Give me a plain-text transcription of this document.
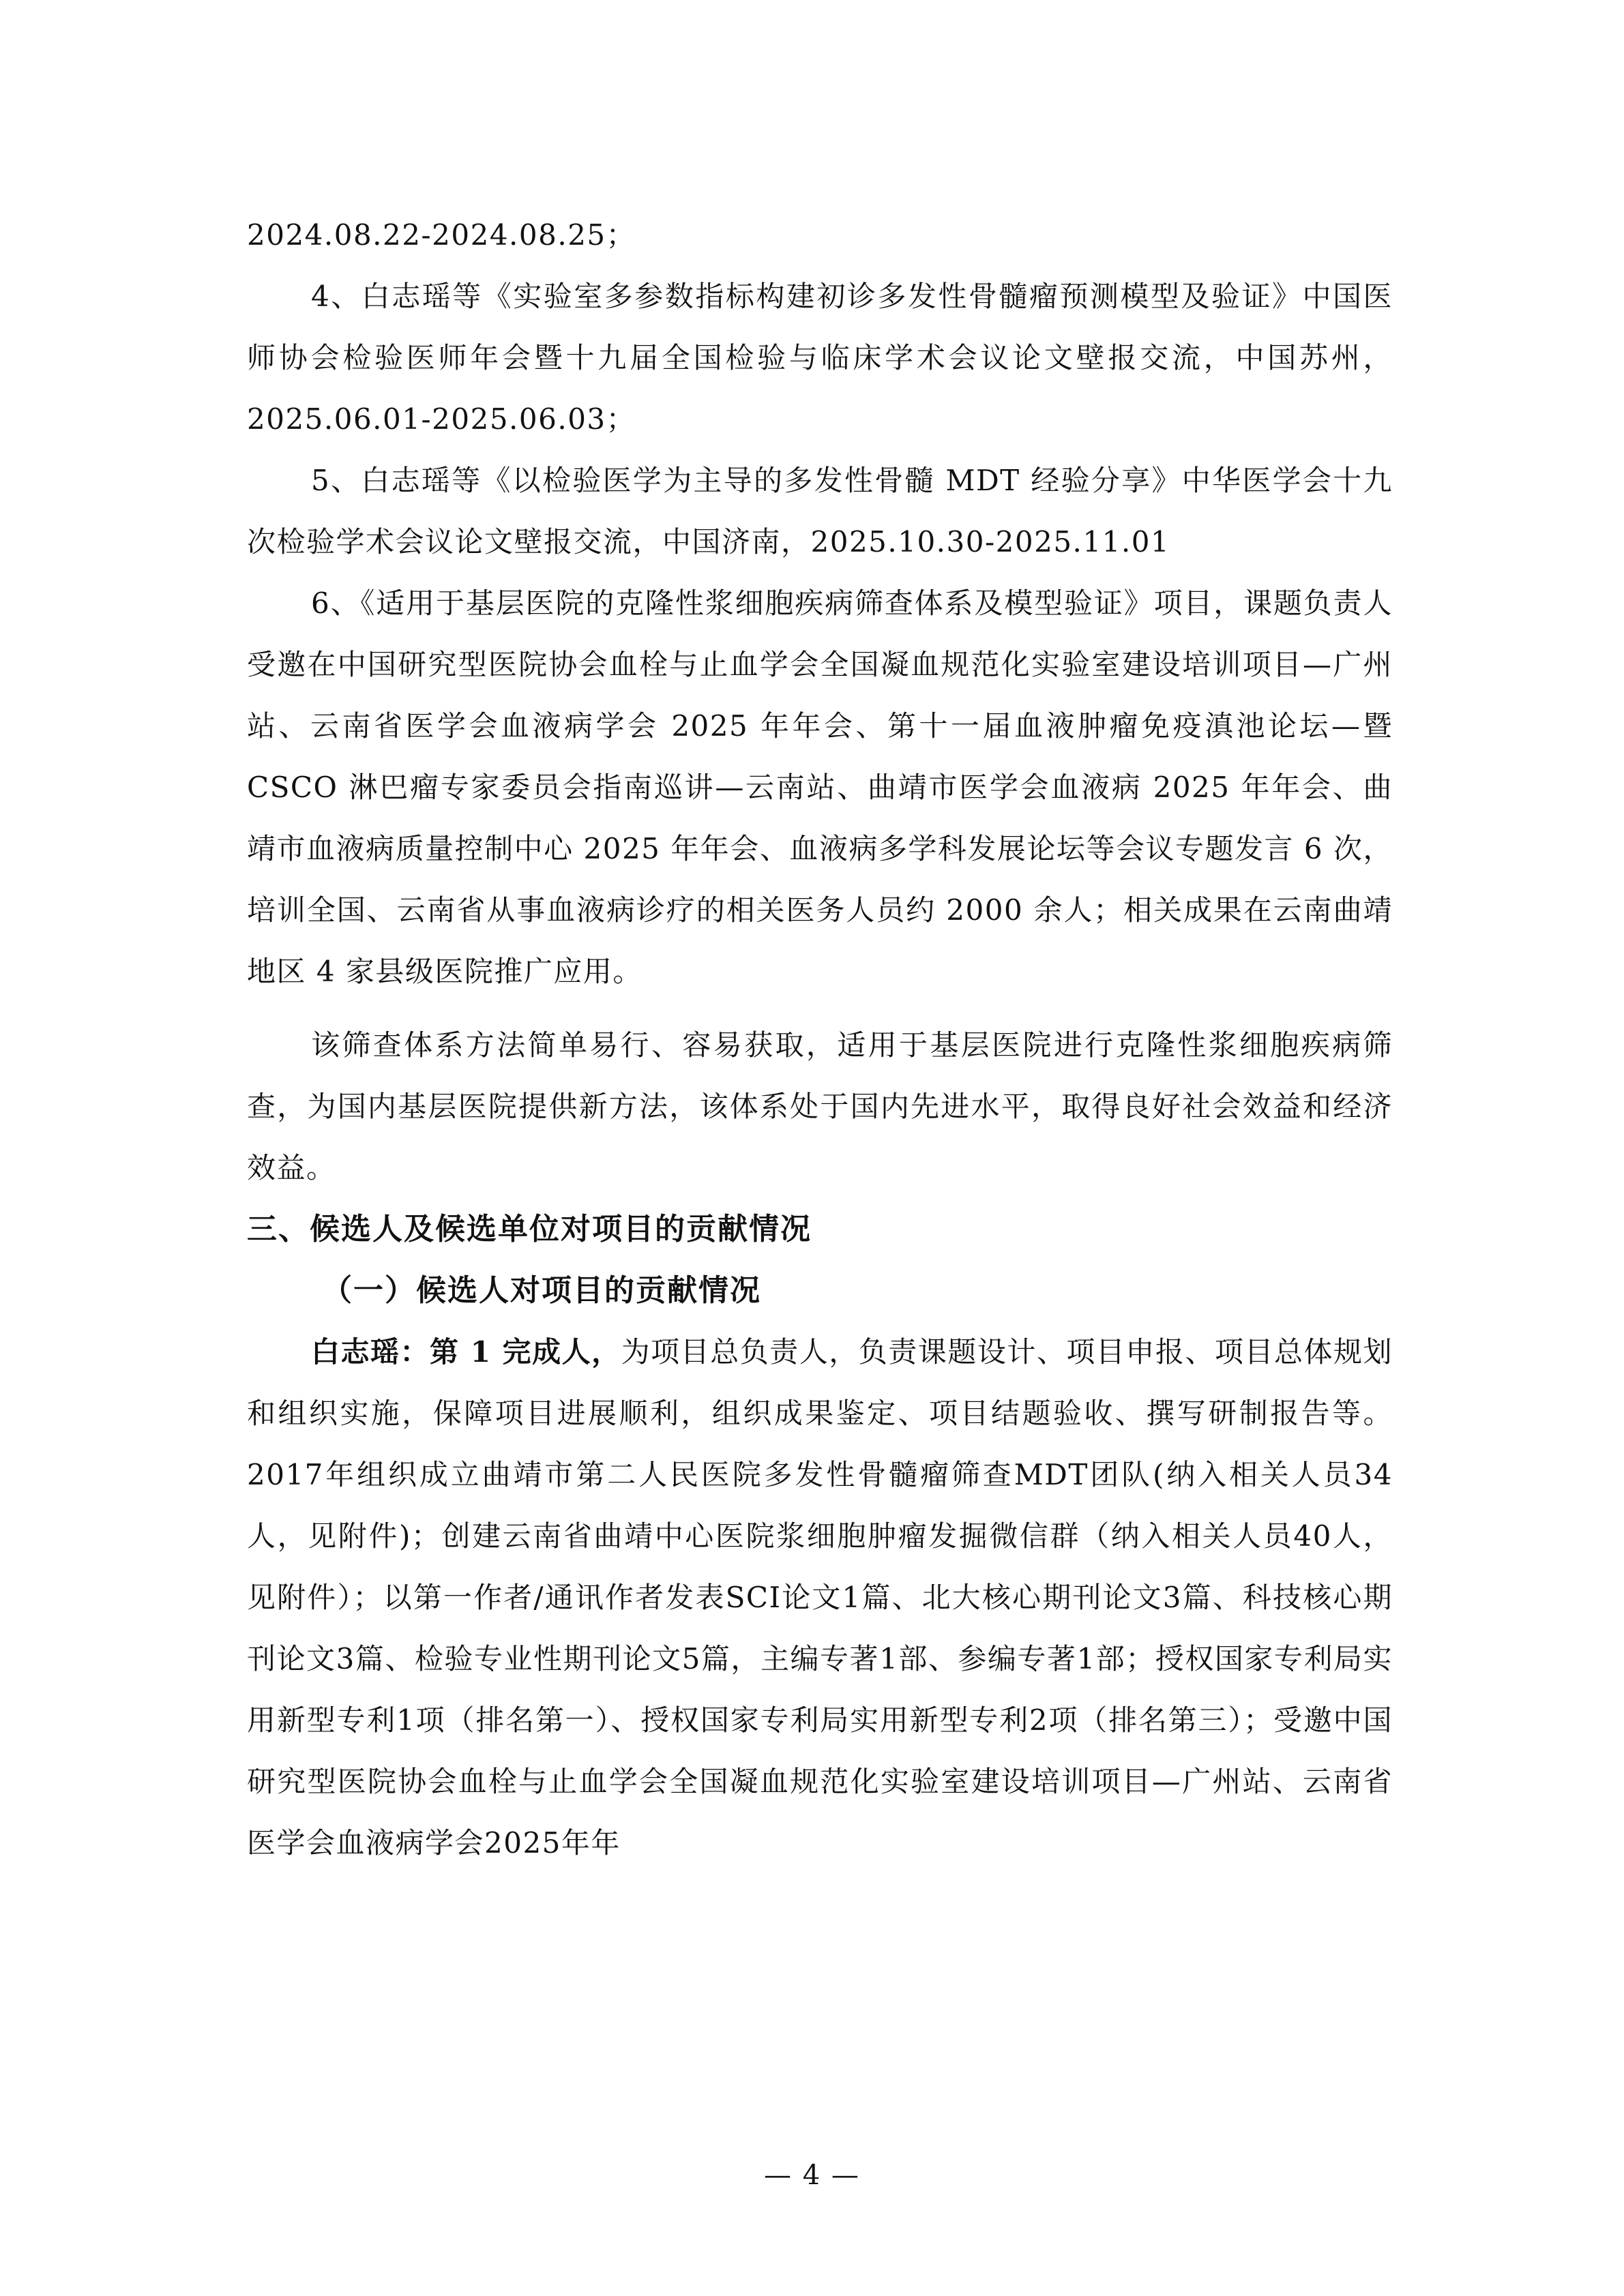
2024.08.22-2024.08.25；

4、白志瑶等《实验室多参数指标构建初诊多发性骨髓瘤预测模型及验证》中国医师协会检验医师年会暨十九届全国检验与临床学术会议论文壁报交流，中国苏州，2025.06.01-2025.06.03；

5、白志瑶等《以检验医学为主导的多发性骨髓 MDT 经验分享》中华医学会十九次检验学术会议论文壁报交流，中国济南，2025.10.30-2025.11.01

6、《适用于基层医院的克隆性浆细胞疾病筛查体系及模型验证》项目，课题负责人受邀在中国研究型医院协会血栓与止血学会全国凝血规范化实验室建设培训项目—广州站、云南省医学会血液病学会 2025 年年会、第十一届血液肿瘤免疫滇池论坛—暨 CSCO 淋巴瘤专家委员会指南巡讲—云南站、曲靖市医学会血液病 2025 年年会、曲靖市血液病质量控制中心 2025 年年会、血液病多学科发展论坛等会议专题发言 6 次，培训全国、云南省从事血液病诊疗的相关医务人员约 2000 余人；相关成果在云南曲靖地区 4 家县级医院推广应用。

该筛查体系方法简单易行、容易获取，适用于基层医院进行克隆性浆细胞疾病筛查，为国内基层医院提供新方法，该体系处于国内先进水平，取得良好社会效益和经济效益。

三、候选人及候选单位对项目的贡献情况
（一）候选人对项目的贡献情况

白志瑶：第 1 完成人，为项目总负责人，负责课题设计、项目申报、项目总体规划和组织实施，保障项目进展顺利，组织成果鉴定、项目结题验收、撰写研制报告等。2017年组织成立曲靖市第二人民医院多发性骨髓瘤筛查MDT团队(纳入相关人员34人，见附件)；创建云南省曲靖中心医院浆细胞肿瘤发掘微信群（纳入相关人员40人，见附件）；以第一作者/通讯作者发表SCI论文1篇、北大核心期刊论文3篇、科技核心期刊论文3篇、检验专业性期刊论文5篇，主编专著1部、参编专著1部；授权国家专利局实用新型专利1项（排名第一）、授权国家专利局实用新型专利2项（排名第三）；受邀中国研究型医院协会血栓与止血学会全国凝血规范化实验室建设培训项目—广州站、云南省医学会血液病学会2025年年

— 4 —
